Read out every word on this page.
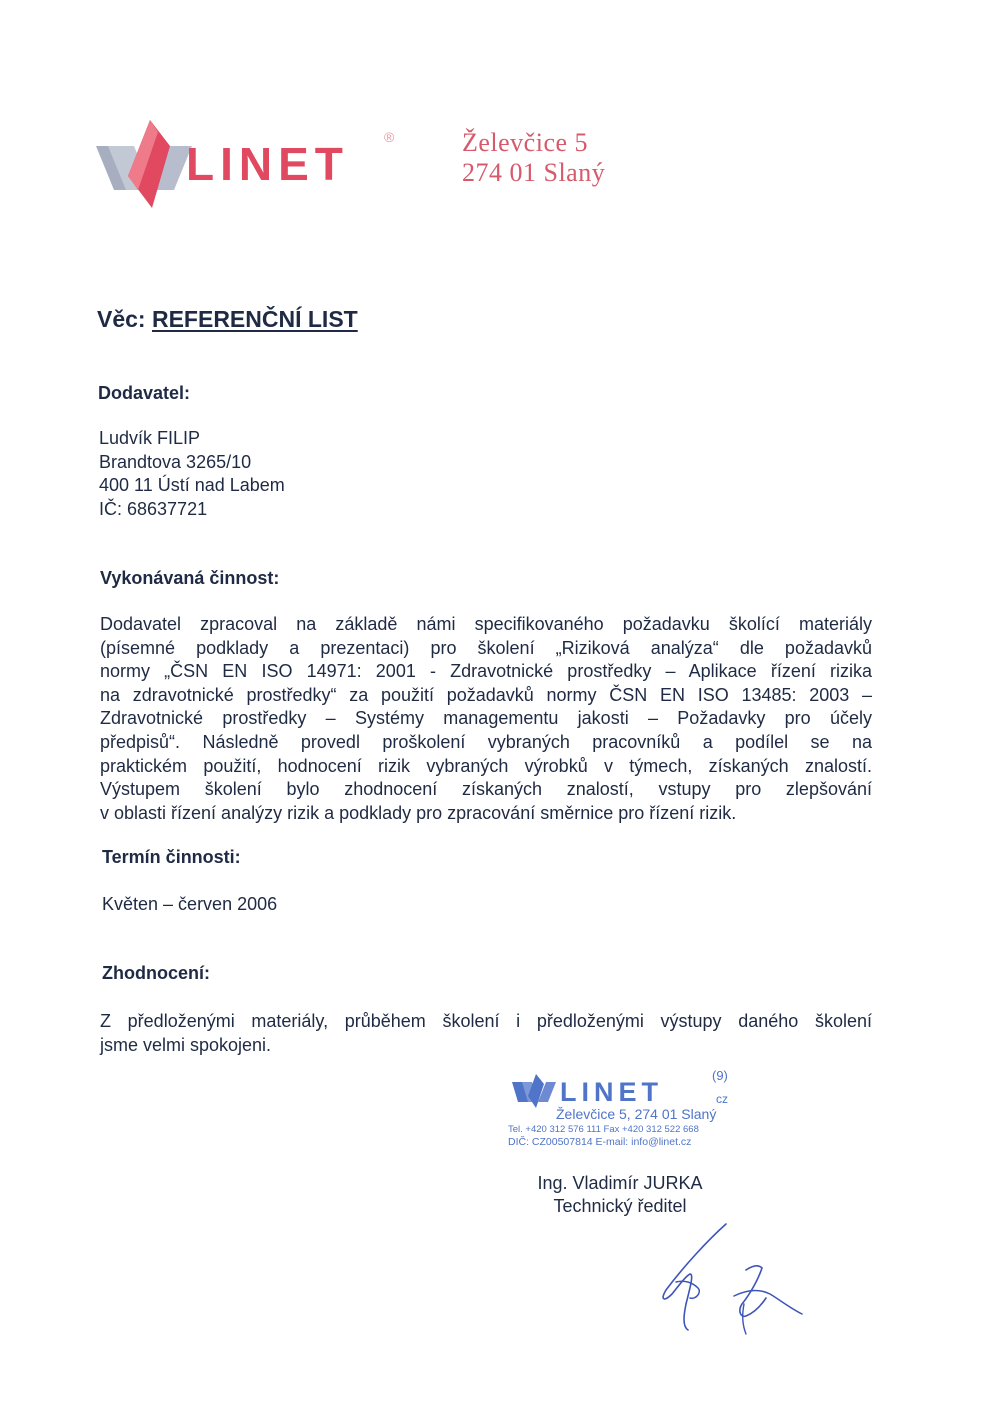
LINET
®	Želevčice 5
274 01 Slaný
Věc: REFERENČNÍ LIST
Dodavatel:
Ludvík FILIP
Brandtova 3265/10
400 11 Ústí nad Labem
IČ: 68637721
Vykonávaná činnost:
Dodavatel zpracoval na základě námi specifikovaného požadavku školící materiály
(písemné podklady a prezentaci) pro školení „Riziková analýza“ dle požadavků
normy „ČSN EN ISO 14971: 2001 - Zdravotnické prostředky – Aplikace řízení rizika
na zdravotnické prostředky“ za použití požadavků normy ČSN EN ISO 13485: 2003 –
Zdravotnické prostředky – Systémy managementu jakosti – Požadavky pro účely
předpisů“. Následně provedl proškolení vybraných pracovníků a podílel se na
praktickém použití, hodnocení rizik vybraných výrobků v týmech, získaných znalostí.
Výstupem školení bylo zhodnocení získaných znalostí, vstupy pro zlepšování
v oblasti řízení analýzy rizik a podklady pro zpracování směrnice pro řízení rizik.
Termín činnosti:
Květen – červen 2006
Zhodnocení:
Z předloženými materiály, průběhem školení i předloženými výstupy daného školení
jsme velmi spokojeni.
LINET
(9)
cz
Želevčice 5, 274 01 Slaný
Tel. +420 312 576 111 Fax +420 312 522 668
DIČ: CZ00507814 E-mail: info@linet.cz
Ing. Vladimír JURKA
Technický ředitel
